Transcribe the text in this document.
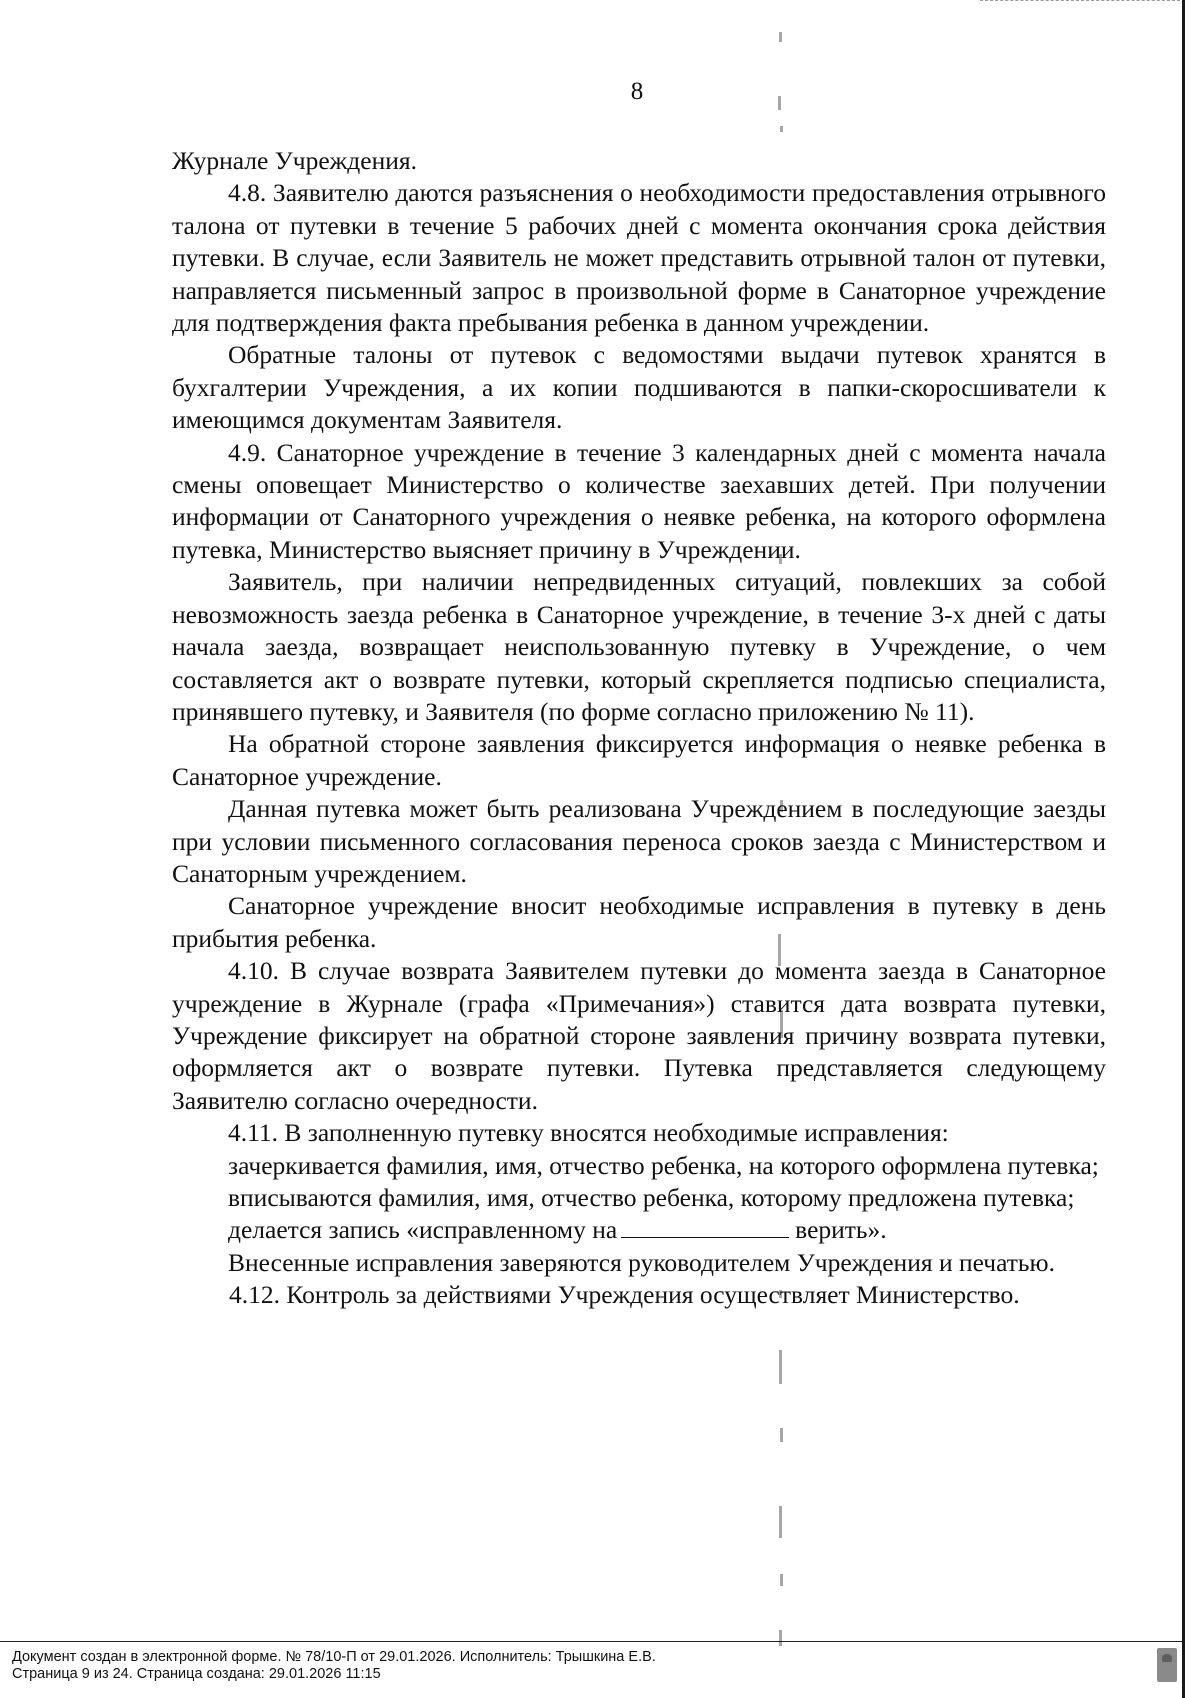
8

Журнале Учреждения.

4.8. Заявителю даются разъяснения о необходимости предоставления отрывного талона от путевки в течение 5 рабочих дней с момента окончания срока действия путевки. В случае, если Заявитель не может представить отрывной талон от путевки, направляется письменный запрос в произвольной форме в Санаторное учреждение для подтверждения факта пребывания ребенка в данном учреждении.

Обратные талоны от путевок с ведомостями выдачи путевок хранятся в бухгалтерии Учреждения, а их копии подшиваются в папки-скоросшиватели к имеющимся документам Заявителя.

4.9. Санаторное учреждение в течение 3 календарных дней с момента начала смены оповещает Министерство о количестве заехавших детей. При получении информации от Санаторного учреждения о неявке ребенка, на которого оформлена путевка, Министерство выясняет причину в Учреждении.

Заявитель, при наличии непредвиденных ситуаций, повлекших за собой невозможность заезда ребенка в Санаторное учреждение, в течение 3-х дней с даты начала заезда, возвращает неиспользованную путевку в Учреждение, о чем составляется акт о возврате путевки, который скрепляется подписью специалиста, принявшего путевку, и Заявителя (по форме согласно приложению № 11).

На обратной стороне заявления фиксируется информация о неявке ребенка в Санаторное учреждение.

Данная путевка может быть реализована Учреждением в последующие заезды при условии письменного согласования переноса сроков заезда с Министерством и Санаторным учреждением.

Санаторное учреждение вносит необходимые исправления в путевку в день прибытия ребенка.

4.10. В случае возврата Заявителем путевки до момента заезда в Санаторное учреждение в Журнале (графа «Примечания») ставится дата возврата путевки, Учреждение фиксирует на обратной стороне заявления причину возврата путевки, оформляется акт о возврате путевки. Путевка представляется следующему Заявителю согласно очередности.

4.11. В заполненную путевку вносятся необходимые исправления:

зачеркивается фамилия, имя, отчество ребенка, на которого оформлена путевка;

вписываются фамилия, имя, отчество ребенка, которому предложена путевка;

делается запись «исправленному на	верить».

Внесенные исправления заверяются руководителем Учреждения и печатью.

4.12. Контроль за действиями Учреждения осуществляет Министерство.

Документ создан в электронной форме. № 78/10-П от 29.01.2026. Исполнитель: Трышкина Е.В.
Страница 9 из 24. Страница создана: 29.01.2026 11:15
